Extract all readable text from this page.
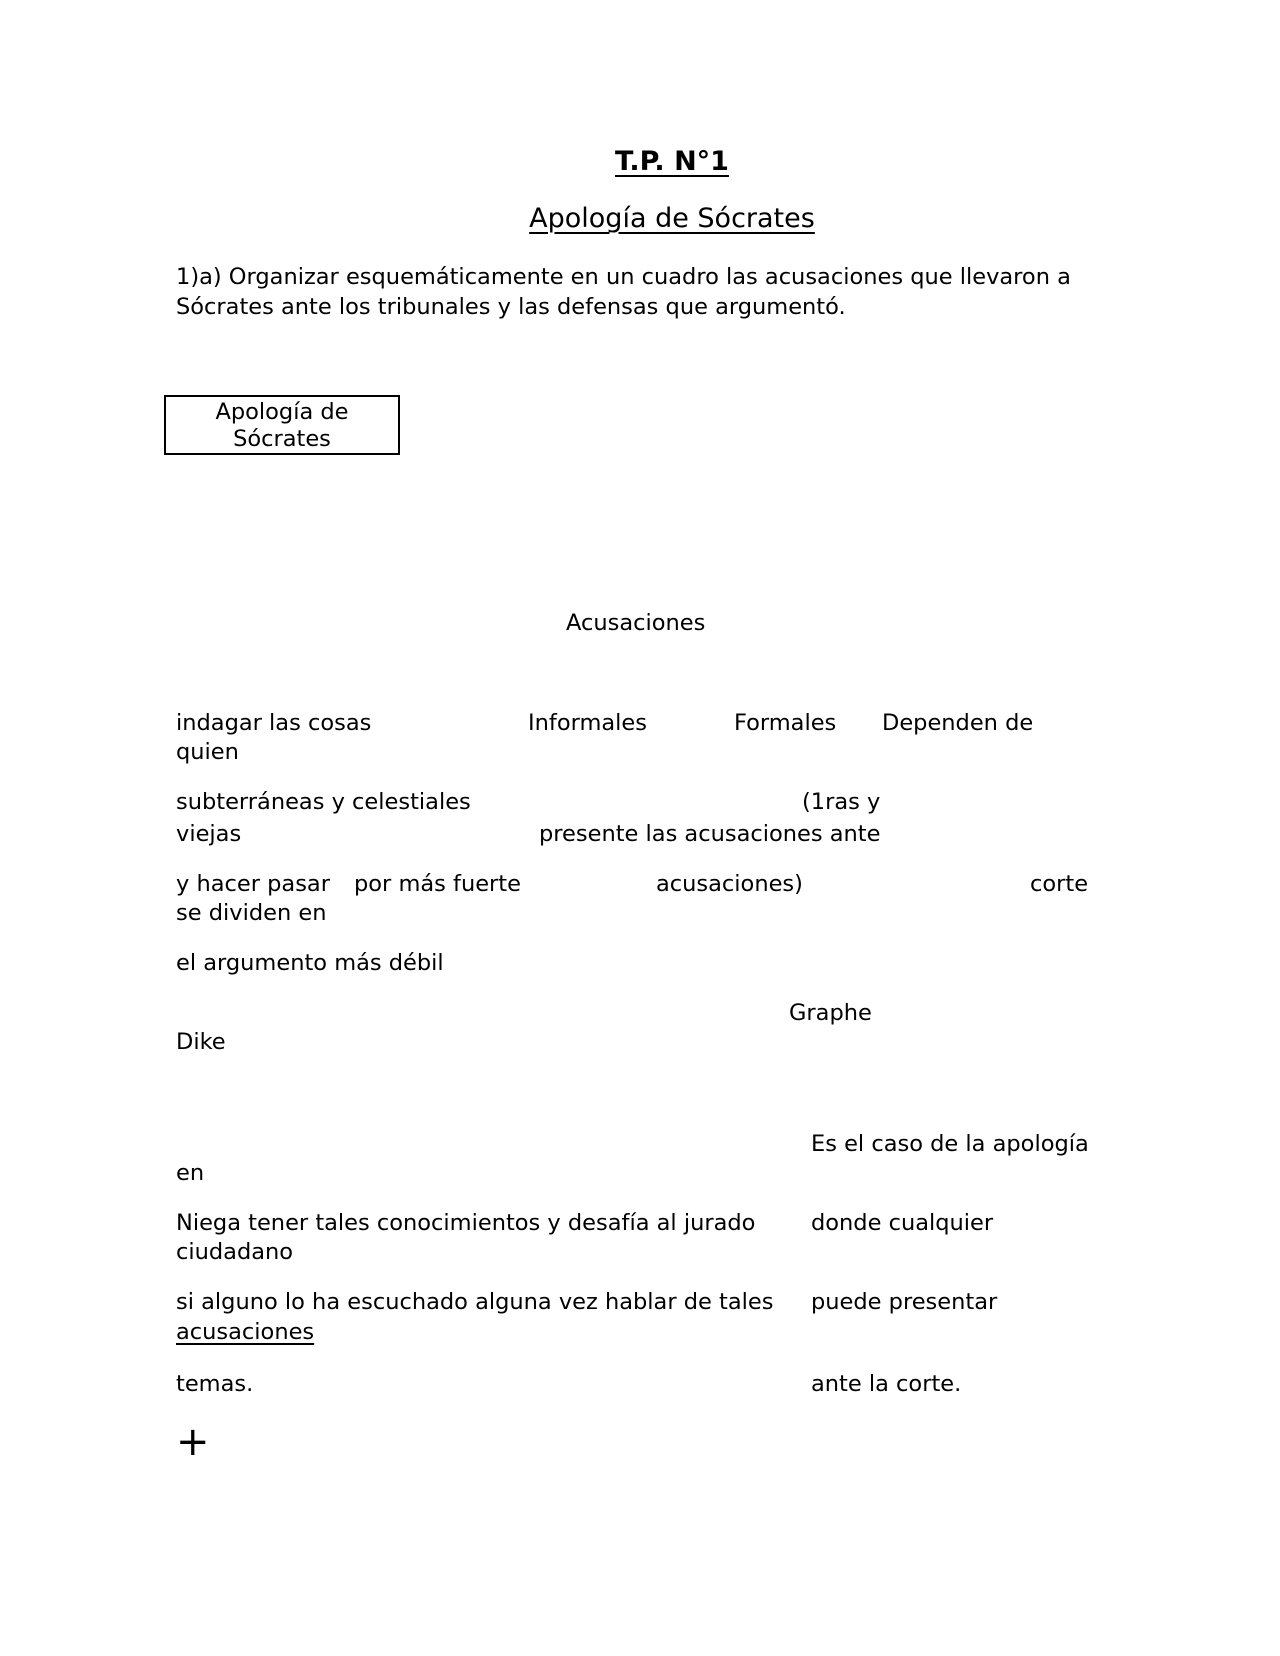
T.P. N°1
Apología de Sócrates
1)a) Organizar esquemáticamente en un cuadro las acusaciones que llevaron a
Sócrates ante los tribunales y las defensas que argumentó.
Apología de
Sócrates
Acusaciones
indagar las cosas	Informales	Formales Dependen de
quien
subterráneas y celestiales	(1ras y
viejas	presente las acusaciones ante
y hacer pasar por más fuerte	acusaciones)	corte
se dividen en
el argumento más débil
Graphe
Dike
Es el caso de la apología
en
Niega tener tales conocimientos y desafía al jurado donde cualquier
ciudadano
si alguno lo ha escuchado alguna vez hablar de tales puede presentar
acusaciones
temas.	ante la corte.
+
